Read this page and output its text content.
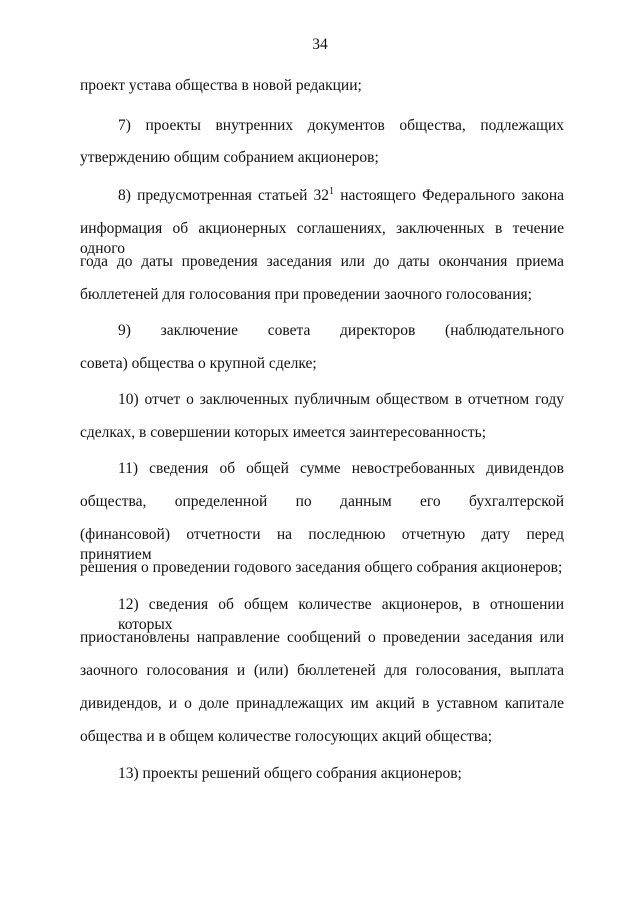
34
проект устава общества в новой редакции;
7) проекты внутренних документов общества, подлежащих
утверждению общим собранием акционеров;
8) предусмотренная статьей $32^1$ настоящего Федерального закона
информация об акционерных соглашениях, заключенных в течение одного
года до даты проведения заседания или до даты окончания приема
бюллетеней для голосования при проведении заочного голосования;
9) заключение совета директоров (наблюдательного
совета) общества о крупной сделке;
10) отчет о заключенных публичным обществом в отчетном году
сделках, в совершении которых имеется заинтересованность;
11) сведения об общей сумме невостребованных дивидендов
общества, определенной по данным его бухгалтерской
(финансовой) отчетности на последнюю отчетную дату перед принятием
решения о проведении годового заседания общего собрания акционеров;
12) сведения об общем количестве акционеров, в отношении которых
приостановлены направление сообщений о проведении заседания или
заочного голосования и (или) бюллетеней для голосования, выплата
дивидендов, и о доле принадлежащих им акций в уставном капитале
общества и в общем количестве голосующих акций общества;
13) проекты решений общего собрания акционеров;
